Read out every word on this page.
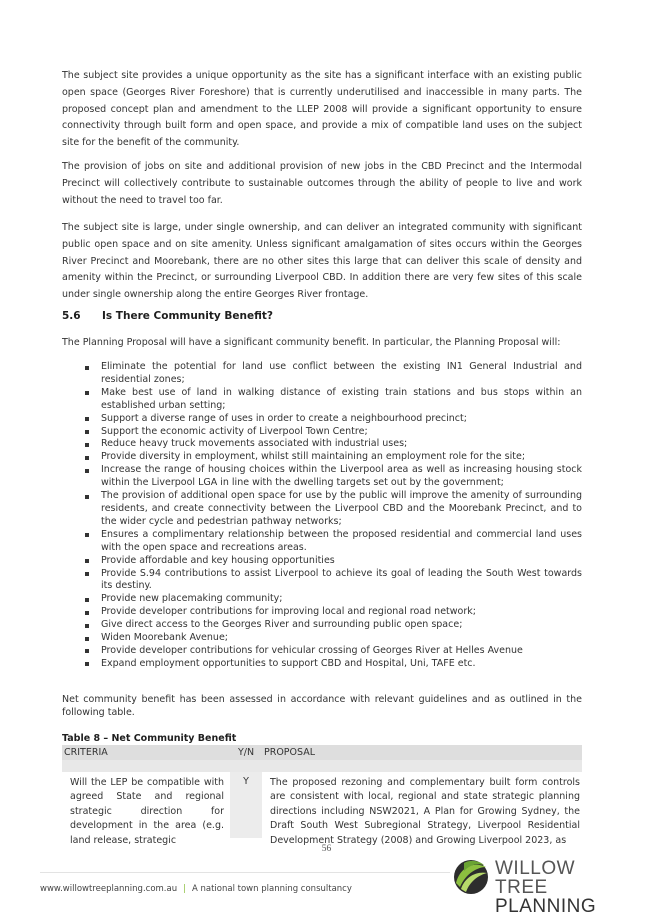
The subject site provides a unique opportunity as the site has a significant interface with an existing public open space (Georges River Foreshore) that is currently underutilised and inaccessible in many parts. The proposed concept plan and amendment to the LLEP 2008 will provide a significant opportunity to ensure connectivity through built form and open space, and provide a mix of compatible land uses on the subject site for the benefit of the community.

The provision of jobs on site and additional provision of new jobs in the CBD Precinct and the Intermodal Precinct will collectively contribute to sustainable outcomes through the ability of people to live and work without the need to travel too far.

The subject site is large, under single ownership, and can deliver an integrated community with significant public open space and on site amenity. Unless significant amalgamation of sites occurs within the Georges River Precinct and Moorebank, there are no other sites this large that can deliver this scale of density and amenity within the Precinct, or surrounding Liverpool CBD. In addition there are very few sites of this scale under single ownership along the entire Georges River frontage.

5.6 Is There Community Benefit?
The Planning Proposal will have a significant community benefit. In particular, the Planning Proposal will:
Eliminate the potential for land use conflict between the existing IN1 General Industrial and residential zones;
Make best use of land in walking distance of existing train stations and bus stops within an established urban setting;
Support a diverse range of uses in order to create a neighbourhood precinct;
Support the economic activity of Liverpool Town Centre;
Reduce heavy truck movements associated with industrial uses;
Provide diversity in employment, whilst still maintaining an employment role for the site;
Increase the range of housing choices within the Liverpool area as well as increasing housing stock within the Liverpool LGA in line with the dwelling targets set out by the government;
The provision of additional open space for use by the public will improve the amenity of surrounding residents, and create connectivity between the Liverpool CBD and the Moorebank Precinct, and to the wider cycle and pedestrian pathway networks;
Ensures a complimentary relationship between the proposed residential and commercial land uses with the open space and recreations areas.
Provide affordable and key housing opportunities
Provide S.94 contributions to assist Liverpool to achieve its goal of leading the South West towards its destiny.
Provide new placemaking community;
Provide developer contributions for improving local and regional road network;
Give direct access to the Georges River and surrounding public open space;
Widen Moorebank Avenue;
Provide developer contributions for vehicular crossing of Georges River at Helles Avenue
Expand employment opportunities to support CBD and Hospital, Uni, TAFE etc.
Net community benefit has been assessed in accordance with relevant guidelines and as outlined in the following table.
Table 8 – Net Community Benefit
CRITERIA	Y/N	PROPOSAL

Will the LEP be compatible with agreed State and regional strategic direction for development in the area (e.g. land release, strategic	Y	The proposed rezoning and complementary built form controls are consistent with local, regional and state strategic planning directions including NSW2021, A Plan for Growing Sydney, the Draft South West Subregional Strategy, Liverpool Residential Development Strategy (2008) and Growing Liverpool 2023, as
56
www.willowtreeplanning.com.au | A national town planning consultancy
WILLOW TREE
PLANNING
